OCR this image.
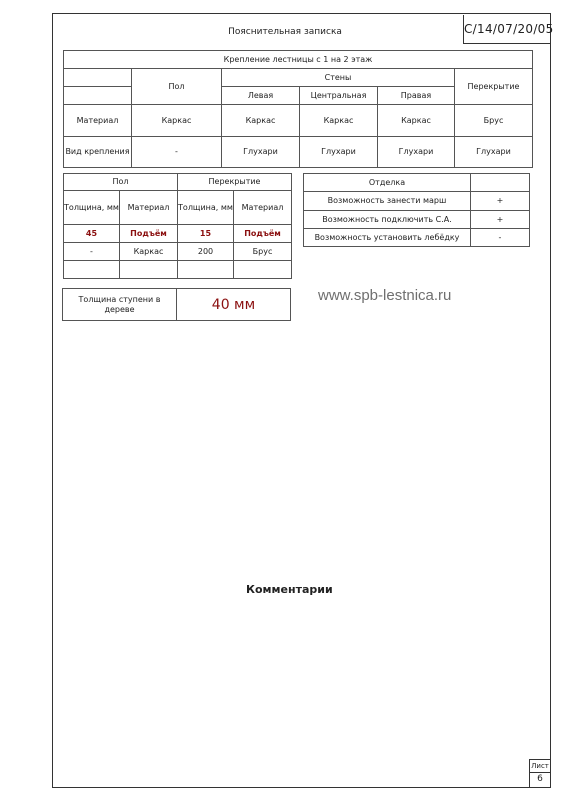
Пояснительная записка	С/14/07/20/05
Крепление лестницы с 1 на 2 этаж					
	Пол	Стены			Перекрытие
		Левая	Центральная	Правая	
Материал	Каркас	Каркас	Каркас	Каркас	Брус
Вид крепления	-	Глухари	Глухари	Глухари	Глухари
Пол		Перекрытие	
Толщина, мм	Материал	Толщина, мм	Материал
45	Подъём	15	Подъём
-	Каркас	200	Брус

Отделка	
Возможность занести марш	+
Возможность подключить С.А.	+
Возможность установить лебёдку	-
Толщина ступени в дереве	40 мм
www.spb-lestnica.ru
Комментарии
Лист
6
